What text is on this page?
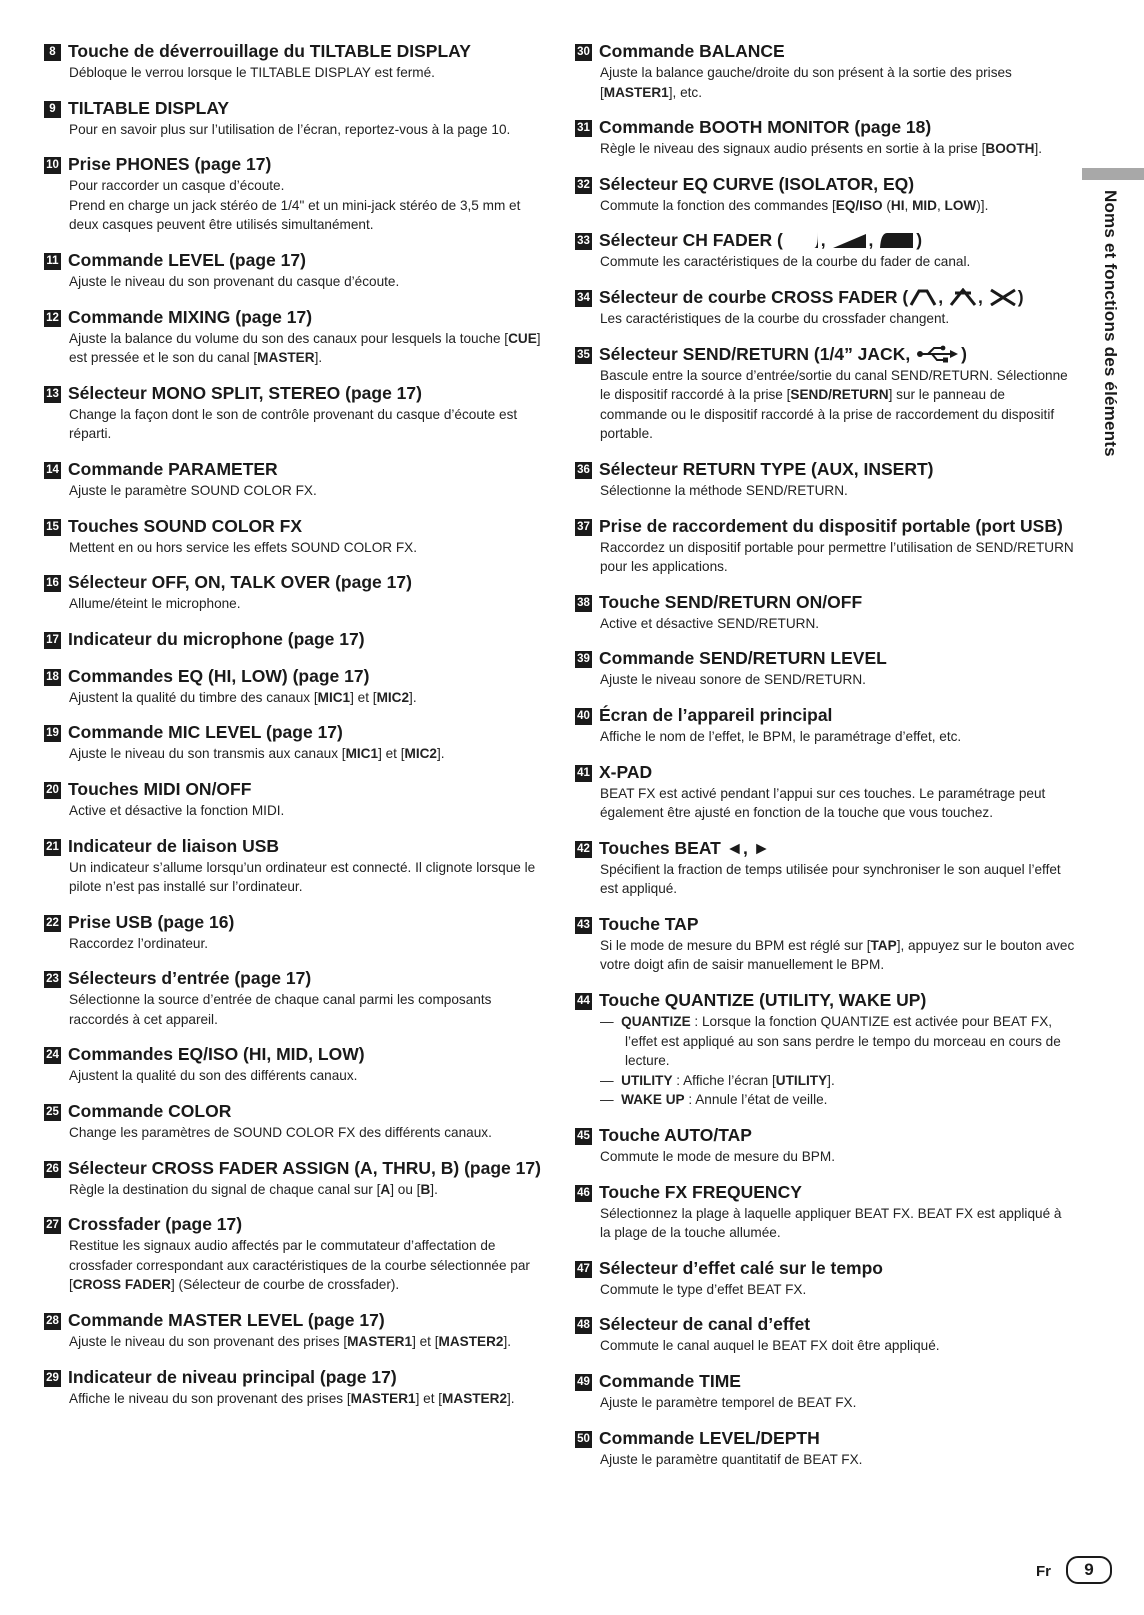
8 Touche de déverrouillage du TILTABLE DISPLAY
Débloque le verrou lorsque le TILTABLE DISPLAY est fermé.
9 TILTABLE DISPLAY
Pour en savoir plus sur l’utilisation de l’écran, reportez-vous à la page 10.
10 Prise PHONES (page 17)
Pour raccorder un casque d’écoute.
Prend en charge un jack stéréo de 1/4" et un mini-jack stéréo de 3,5 mm et deux casques peuvent être utilisés simultanément.
11 Commande LEVEL (page 17)
Ajuste le niveau du son provenant du casque d’écoute.
12 Commande MIXING (page 17)
Ajuste la balance du volume du son des canaux pour lesquels la touche [CUE] est pressée et le son du canal [MASTER].
13 Sélecteur MONO SPLIT, STEREO (page 17)
Change la façon dont le son de contrôle provenant du casque d’écoute est réparti.
14 Commande PARAMETER
Ajuste le paramètre SOUND COLOR FX.
15 Touches SOUND COLOR FX
Mettent en ou hors service les effets SOUND COLOR FX.
16 Sélecteur OFF, ON, TALK OVER (page 17)
Allume/éteint le microphone.
17 Indicateur du microphone (page 17)
18 Commandes EQ (HI, LOW) (page 17)
Ajustent la qualité du timbre des canaux [MIC1] et [MIC2].
19 Commande MIC LEVEL (page 17)
Ajuste le niveau du son transmis aux canaux [MIC1] et [MIC2].
20 Touches MIDI ON/OFF
Active et désactive la fonction MIDI.
21 Indicateur de liaison USB
Un indicateur s’allume lorsqu’un ordinateur est connecté. Il clignote lorsque le pilote n’est pas installé sur l’ordinateur.
22 Prise USB (page 16)
Raccordez l’ordinateur.
23 Sélecteurs d’entrée (page 17)
Sélectionne la source d’entrée de chaque canal parmi les composants raccordés à cet appareil.
24 Commandes EQ/ISO (HI, MID, LOW)
Ajustent la qualité du son des différents canaux.
25 Commande COLOR
Change les paramètres de SOUND COLOR FX des différents canaux.
26 Sélecteur CROSS FADER ASSIGN (A, THRU, B) (page 17)
Règle la destination du signal de chaque canal sur [A] ou [B].
27 Crossfader (page 17)
Restitue les signaux audio affectés par le commutateur d’affectation de crossfader correspondant aux caractéristiques de la courbe sélectionnée par [CROSS FADER] (Sélecteur de courbe de crossfader).
28 Commande MASTER LEVEL (page 17)
Ajuste le niveau du son provenant des prises [MASTER1] et [MASTER2].
29 Indicateur de niveau principal (page 17)
Affiche le niveau du son provenant des prises [MASTER1] et [MASTER2].
30 Commande BALANCE
Ajuste la balance gauche/droite du son présent à la sortie des prises [MASTER1], etc.
31 Commande BOOTH MONITOR (page 18)
Règle le niveau des signaux audio présents en sortie à la prise [BOOTH].
32 Sélecteur EQ CURVE (ISOLATOR, EQ)
Commute la fonction des commandes [EQ/ISO (HI, MID, LOW)].
33 Sélecteur CH FADER ( , , )
Commute les caractéristiques de la courbe du fader de canal.
34 Sélecteur de courbe CROSS FADER ( , , )
Les caractéristiques de la courbe du crossfader changent.
35 Sélecteur SEND/RETURN (1/4” JACK,	)
Bascule entre la source d’entrée/sortie du canal SEND/RETURN. Sélectionne le dispositif raccordé à la prise [SEND/RETURN] sur le panneau de commande ou le dispositif raccordé à la prise de raccordement du dispositif portable.
36 Sélecteur RETURN TYPE (AUX, INSERT)
Sélectionne la méthode SEND/RETURN.
37 Prise de raccordement du dispositif portable (port USB)
Raccordez un dispositif portable pour permettre l’utilisation de SEND/RETURN pour les applications.
38 Touche SEND/RETURN ON/OFF
Active et désactive SEND/RETURN.
39 Commande SEND/RETURN LEVEL
Ajuste le niveau sonore de SEND/RETURN.
40 Écran de l’appareil principal
Affiche le nom de l’effet, le BPM, le paramétrage d’effet, etc.
41 X-PAD
BEAT FX est activé pendant l’appui sur ces touches. Le paramétrage peut également être ajusté en fonction de la touche que vous touchez.
42 Touches BEAT ◄, ►
Spécifient la fraction de temps utilisée pour synchroniser le son auquel l’effet est appliqué.
43 Touche TAP
Si le mode de mesure du BPM est réglé sur [TAP], appuyez sur le bouton avec votre doigt afin de saisir manuellement le BPM.
44 Touche QUANTIZE (UTILITY, WAKE UP)
—  QUANTIZE : Lorsque la fonction QUANTIZE est activée pour BEAT FX, l’effet est appliqué au son sans perdre le tempo du morceau en cours de lecture.
—  UTILITY : Affiche l’écran [UTILITY].
—  WAKE UP : Annule l’état de veille.
45 Touche AUTO/TAP
Commute le mode de mesure du BPM.
46 Touche FX FREQUENCY
Sélectionnez la plage à laquelle appliquer BEAT FX. BEAT FX est appliqué à la plage de la touche allumée.
47 Sélecteur d’effet calé sur le tempo
Commute le type d’effet BEAT FX.
48 Sélecteur de canal d’effet
Commute le canal auquel le BEAT FX doit être appliqué.
49 Commande TIME
Ajuste le paramètre temporel de BEAT FX.
50 Commande LEVEL/DEPTH
Ajuste le paramètre quantitatif de BEAT FX.
Noms et fonctions des éléments
Fr	9
